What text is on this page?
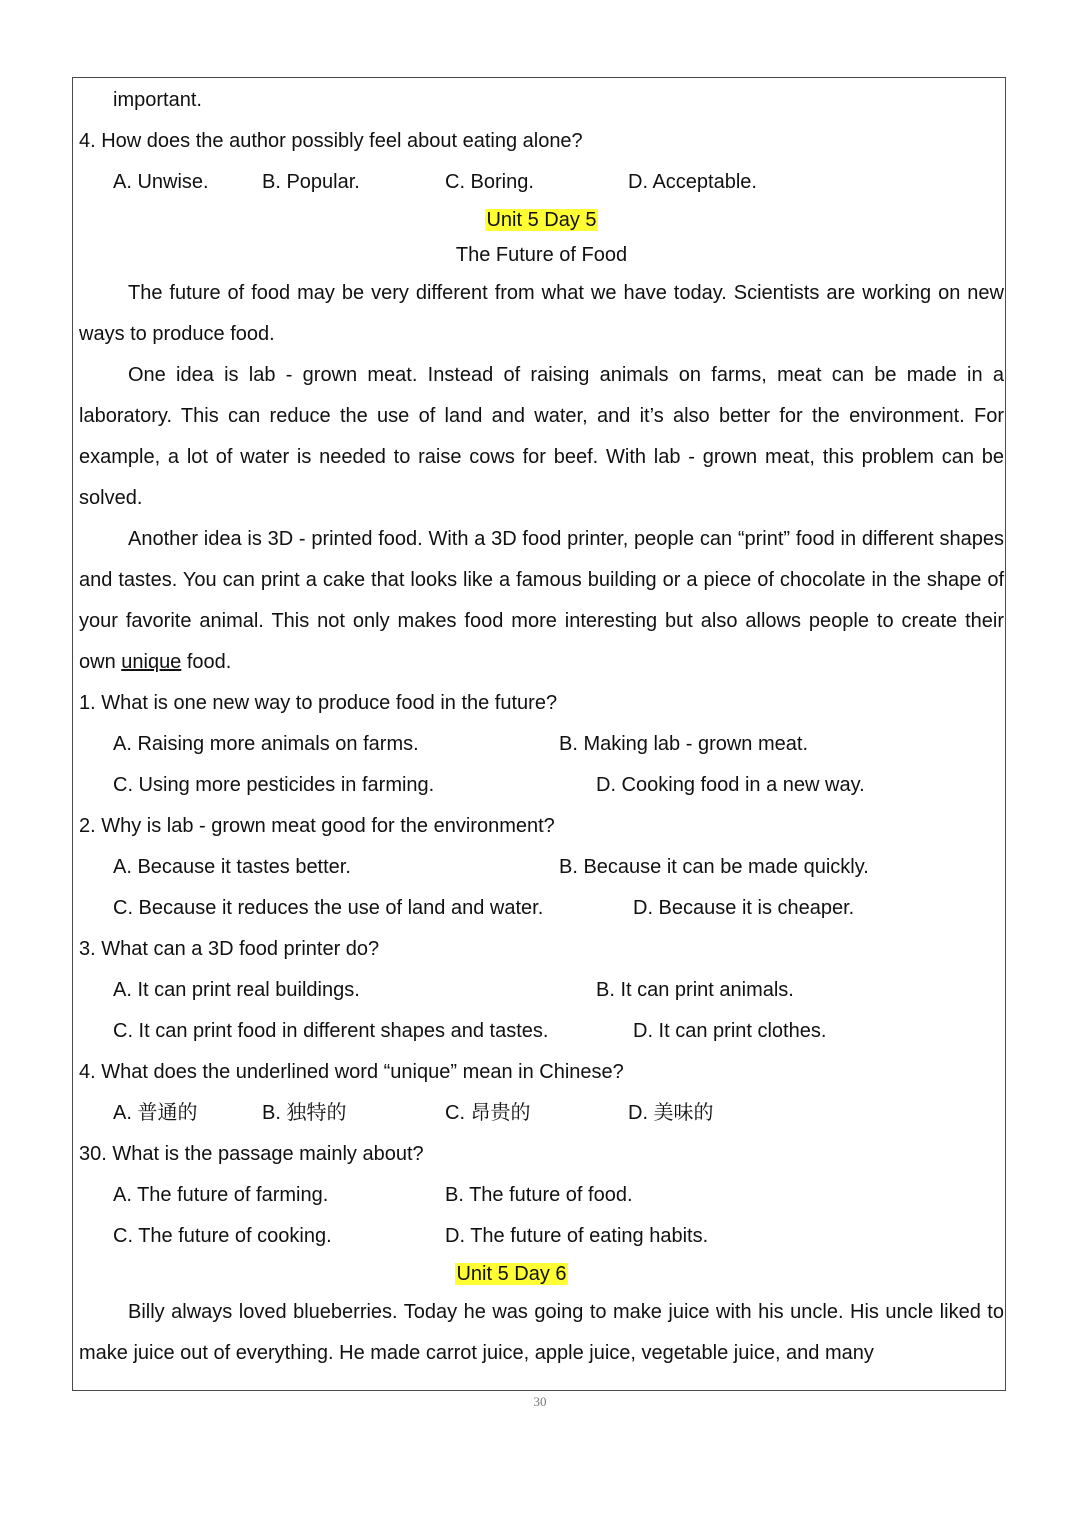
important.
4. How does the author possibly feel about eating alone?
A. Unwise.	B. Popular.	C. Boring.	D. Acceptable.
Unit 5 Day 5
The Future of Food

The future of food may be very different from what we have today. Scientists are working on new ways to produce food.

One idea is lab - grown meat. Instead of raising animals on farms, meat can be made in a laboratory. This can reduce the use of land and water, and it’s also better for the environment. For example, a lot of water is needed to raise cows for beef. With lab - grown meat, this problem can be solved.

Another idea is 3D - printed food. With a 3D food printer, people can “print” food in different shapes and tastes. You can print a cake that looks like a famous building or a piece of chocolate in the shape of your favorite animal. This not only makes food more interesting but also allows people to create their own unique food.

1. What is one new way to produce food in the future?
A. Raising more animals on farms.	B. Making lab - grown meat.
C. Using more pesticides in farming.	D. Cooking food in a new way.
2. Why is lab - grown meat good for the environment?
A. Because it tastes better.	B. Because it can be made quickly.
C. Because it reduces the use of land and water.	D. Because it is cheaper.
3. What can a 3D food printer do?
A. It can print real buildings.	B. It can print animals.
C. It can print food in different shapes and tastes.	D. It can print clothes.
4. What does the underlined word “unique” mean in Chinese?
A. 普通的	B. 独特的	C. 昂贵的	D. 美味的
30. What is the passage mainly about?
A. The future of farming.	B. The future of food.
C. The future of cooking.	D. The future of eating habits.
Unit 5 Day 6

Billy always loved blueberries. Today he was going to make juice with his uncle. His uncle liked to make juice out of everything. He made carrot juice, apple juice, vegetable juice, and many

30
